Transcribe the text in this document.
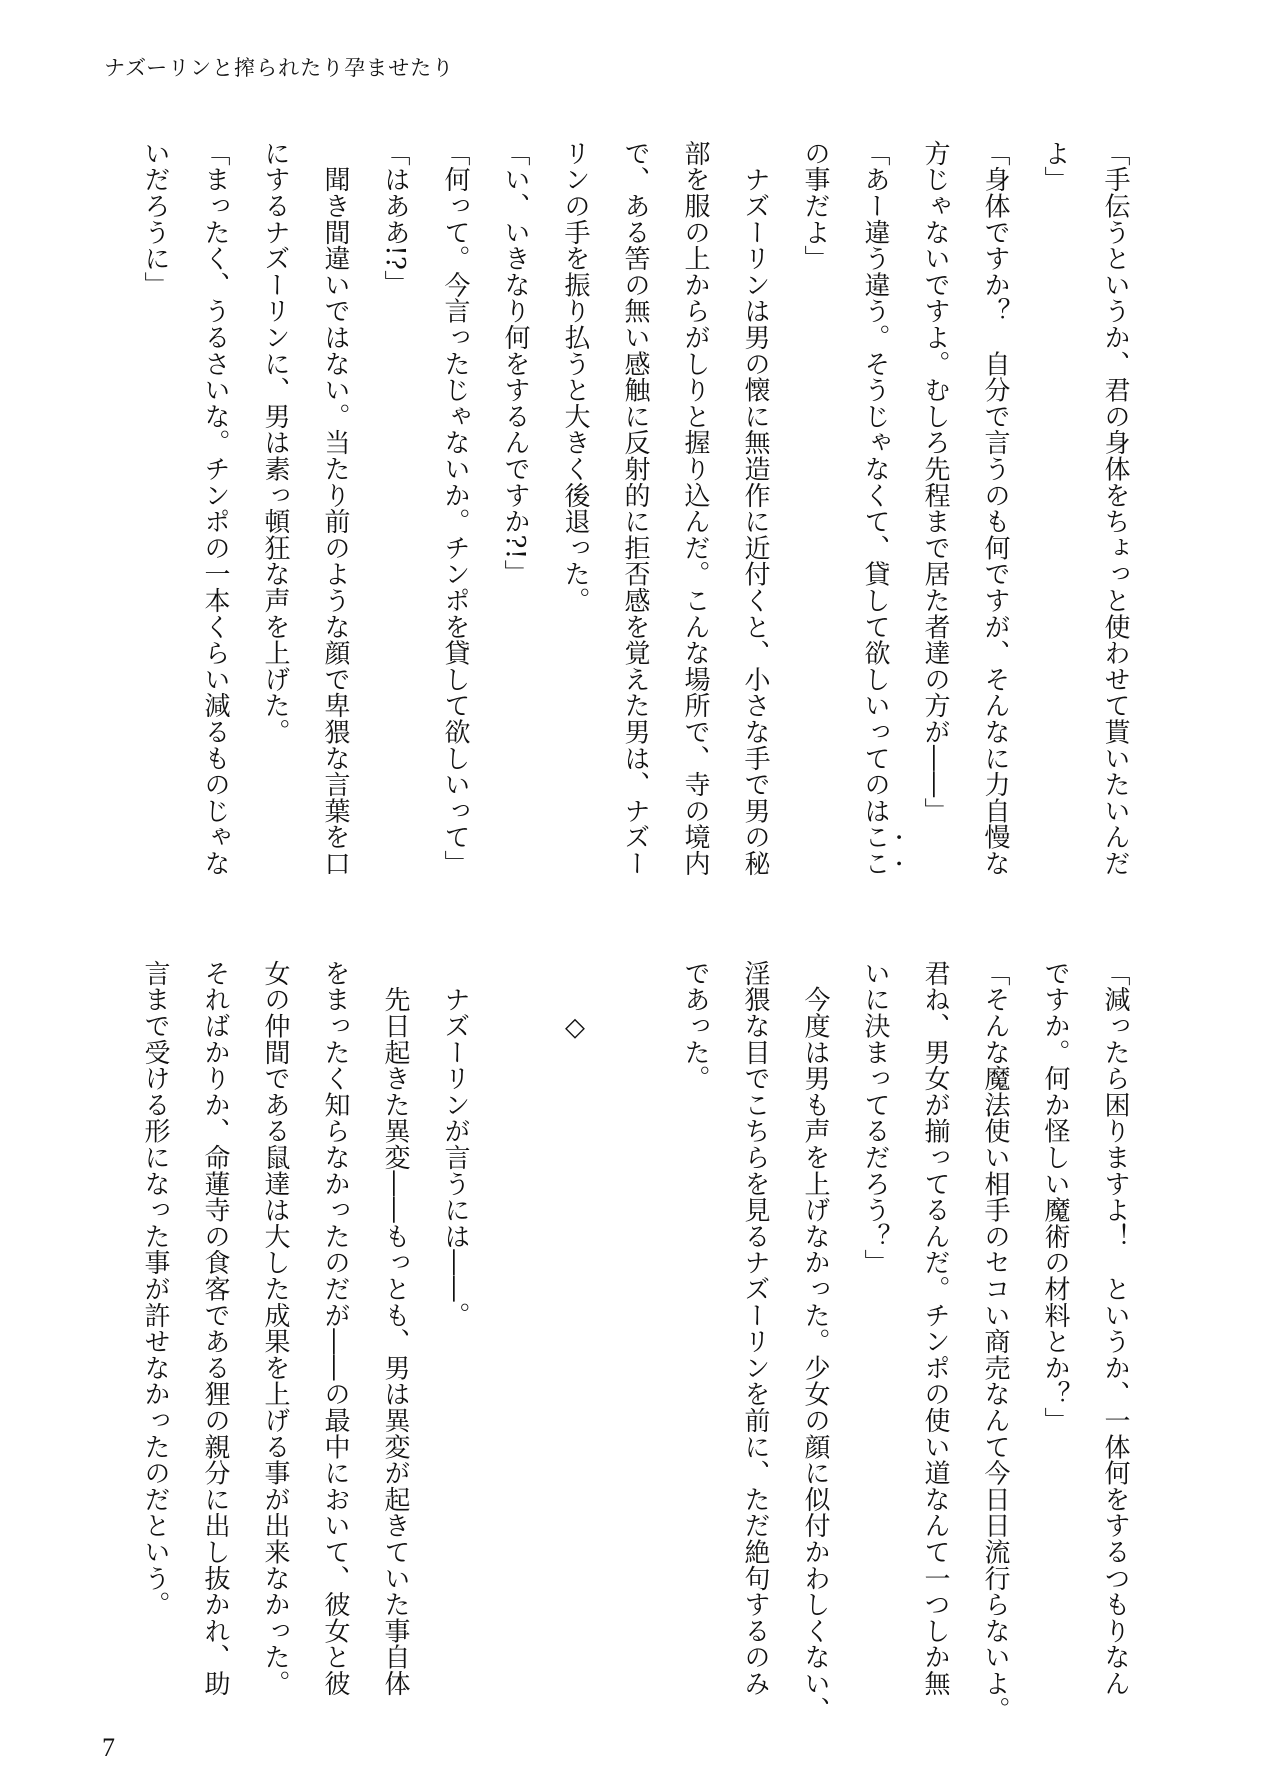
ナズーリンと搾られたり孕ませたり
「手伝うというか、君の身体をちょっと使わせて貰いたいんだ
よ」
「身体ですか？　自分で言うのも何ですが、そんなに力自慢な
方じゃないですよ。むしろ先程まで居た者達の方が――」
「あー違う違う。そうじゃなくて、貸して欲しいってのはここ
の事だよ」
　ナズーリンは男の懐に無造作に近付くと、小さな手で男の秘
部を服の上からがしりと握り込んだ。こんな場所で、寺の境内
で、ある筈の無い感触に反射的に拒否感を覚えた男は、ナズー
リンの手を振り払うと大きく後退った。
「い、いきなり何をするんですか?!」
「何って。今言ったじゃないか。チンポを貸して欲しいって」
「はああ!?」
　聞き間違いではない。当たり前のような顔で卑猥な言葉を口
にするナズーリンに、男は素っ頓狂な声を上げた。
「まったく、うるさいな。チンポの一本くらい減るものじゃな
いだろうに」
「減ったら困りますよ！　というか、一体何をするつもりなん
ですか。何か怪しい魔術の材料とか？」
「そんな魔法使い相手のセコい商売なんて今日日流行らないよ。
君ね、男女が揃ってるんだ。チンポの使い道なんて一つしか無
いに決まってるだろう？」
　今度は男も声を上げなかった。少女の顔に似付かわしくない、
淫猥な目でこちらを見るナズーリンを前に、ただ絶句するのみ
であった。
　　◇
　ナズーリンが言うには――。
　先日起きた異変――もっとも、男は異変が起きていた事自体
をまったく知らなかったのだが――の最中において、彼女と彼
女の仲間である鼠達は大した成果を上げる事が出来なかった。
そればかりか、命蓮寺の食客である狸の親分に出し抜かれ、助
言まで受ける形になった事が許せなかったのだという。
7
